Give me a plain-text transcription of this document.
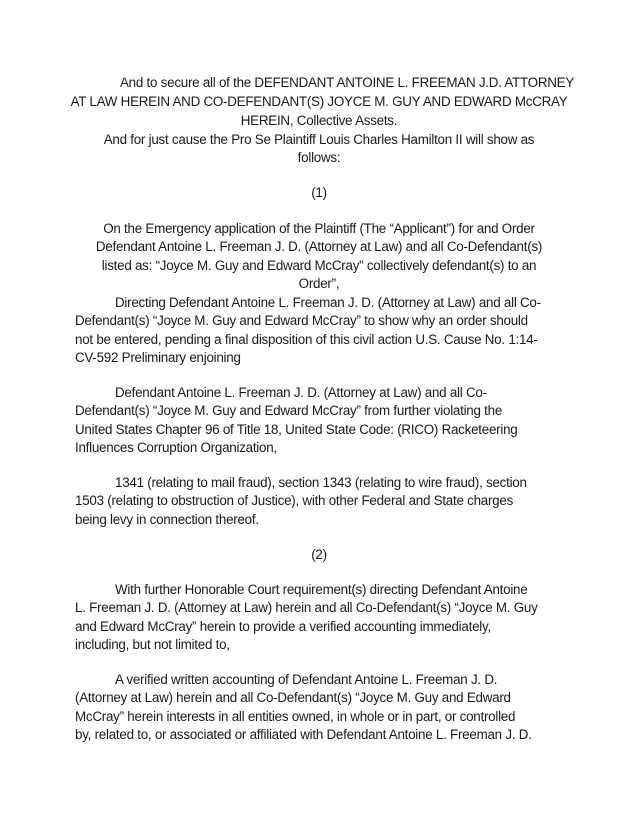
And to secure all of the DEFENDANT ANTOINE L. FREEMAN J.D. ATTORNEY
AT LAW HEREIN AND CO-DEFENDANT(S) JOYCE M. GUY AND EDWARD McCRAY
HEREIN, Collective Assets.
And for just cause the Pro Se Plaintiff Louis Charles Hamilton II will show as
follows:
(1)
On the Emergency application of the Plaintiff (The “Applicant”) for and Order
Defendant Antoine L. Freeman J. D. (Attorney at Law) and all Co-Defendant(s)
listed as: “Joyce M. Guy and Edward McCray” collectively defendant(s) to an
Order”,
Directing Defendant Antoine L. Freeman J. D. (Attorney at Law) and all Co-
Defendant(s) “Joyce M. Guy and Edward McCray” to show why an order should
not be entered, pending a final disposition of this civil action U.S. Cause No. 1:14-
CV-592 Preliminary enjoining
Defendant Antoine L. Freeman J. D. (Attorney at Law) and all Co-
Defendant(s) “Joyce M. Guy and Edward McCray” from further violating the
United States Chapter 96 of Title 18, United State Code: (RICO) Racketeering
Influences Corruption Organization,
1341 (relating to mail fraud), section 1343 (relating to wire fraud), section
1503 (relating to obstruction of Justice), with other Federal and State charges
being levy in connection thereof.
(2)
With further Honorable Court requirement(s) directing Defendant Antoine
L. Freeman J. D. (Attorney at Law) herein and all Co-Defendant(s) “Joyce M. Guy
and Edward McCray” herein to provide a verified accounting immediately,
including, but not limited to,
A verified written accounting of Defendant Antoine L. Freeman J. D.
(Attorney at Law) herein and all Co-Defendant(s) “Joyce M. Guy and Edward
McCray” herein interests in all entities owned, in whole or in part, or controlled
by, related to, or associated or affiliated with Defendant Antoine L. Freeman J. D.
